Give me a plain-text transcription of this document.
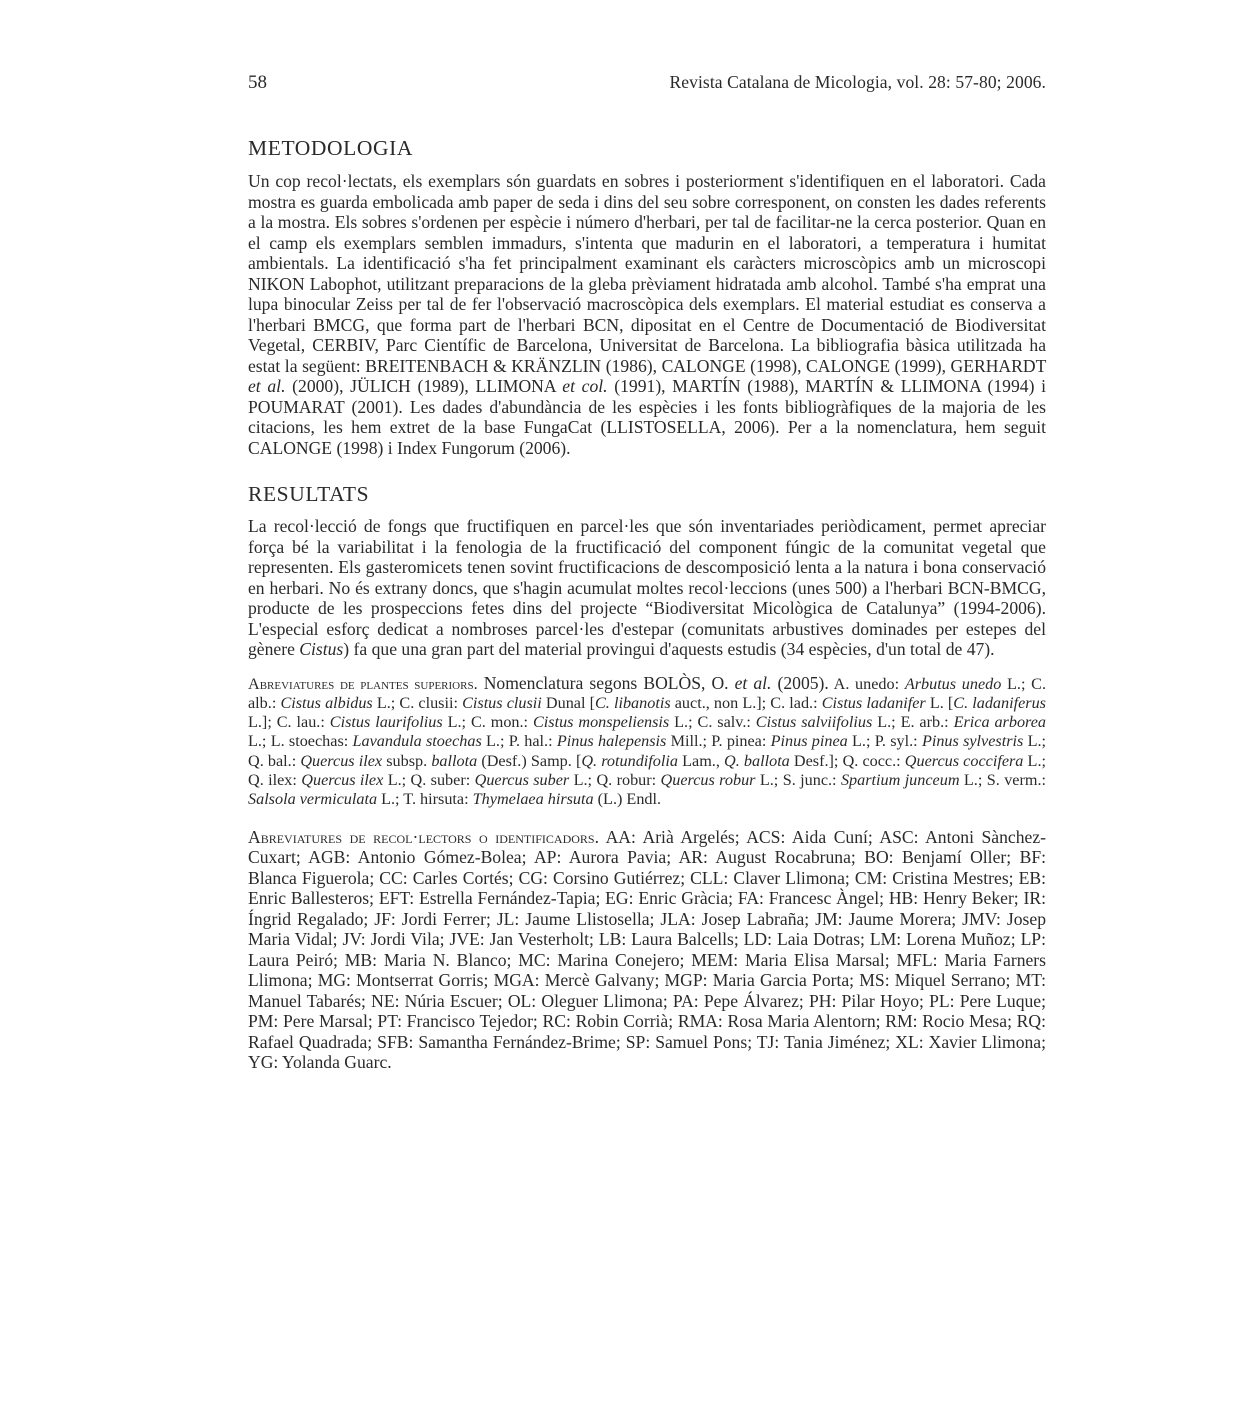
58	Revista Catalana de Micologia, vol. 28: 57-80; 2006.
METODOLOGIA

Un cop recol·lectats, els exemplars són guardats en sobres i posteriorment s'identifiquen en el laboratori. Cada mostra es guarda embolicada amb paper de seda i dins del seu sobre corresponent, on consten les dades referents a la mostra. Els sobres s'ordenen per espècie i número d'herbari, per tal de facilitar-ne la cerca posterior. Quan en el camp els exemplars semblen immadurs, s'intenta que madurin en el laboratori, a temperatura i humitat ambientals. La identificació s'ha fet principalment examinant els caràcters microscòpics amb un microscopi NIKON Labophot, utilitzant preparacions de la gleba prèviament hidratada amb alcohol. També s'ha emprat una lupa binocular Zeiss per tal de fer l'observació macroscòpica dels exemplars. El material estudiat es conserva a l'herbari BMCG, que forma part de l'herbari BCN, dipositat en el Centre de Documentació de Biodiversitat Vegetal, CERBIV, Parc Científic de Barcelona, Universitat de Barcelona. La bibliografia bàsica utilitzada ha estat la següent: BREITENBACH & KRÄNZLIN (1986), CALONGE (1998), CALONGE (1999), GERHARDT et al. (2000), JÜLICH (1989), LLIMONA et col. (1991), MARTÍN (1988), MARTÍN & LLIMONA (1994) i POUMARAT (2001). Les dades d'abundància de les espècies i les fonts bibliogràfiques de la majoria de les citacions, les hem extret de la base FungaCat (LLISTOSELLA, 2006). Per a la nomenclatura, hem seguit CALONGE (1998) i Index Fungorum (2006).

RESULTATS

La recol·lecció de fongs que fructifiquen en parcel·les que són inventariades periòdicament, permet apreciar força bé la variabilitat i la fenologia de la fructificació del component fúngic de la comunitat vegetal que representen. Els gasteromicets tenen sovint fructificacions de descomposició lenta a la natura i bona conservació en herbari. No és extrany doncs, que s'hagin acumulat moltes recol·leccions (unes 500) a l'herbari BCN-BMCG, producte de les prospeccions fetes dins del projecte “Biodiversitat Micològica de Catalunya” (1994-2006). L'especial esforç dedicat a nombroses parcel·les d'estepar (comunitats arbustives dominades per estepes del gènere Cistus) fa que una gran part del material provingui d'aquests estudis (34 espècies, d'un total de 47).

Abreviatures de plantes superiors. Nomenclatura segons BOLÒS, O. et al. (2005). A. unedo: Arbutus unedo L.; C. alb.: Cistus albidus L.; C. clusii: Cistus clusii Dunal [C. libanotis auct., non L.]; C. lad.: Cistus ladanifer L. [C. ladaniferus L.]; C. lau.: Cistus laurifolius L.; C. mon.: Cistus monspeliensis L.; C. salv.: Cistus salviifolius L.; E. arb.: Erica arborea L.; L. stoechas: Lavandula stoechas L.; P. hal.: Pinus halepensis Mill.; P. pinea: Pinus pinea L.; P. syl.: Pinus sylvestris L.; Q. bal.: Quercus ilex subsp. ballota (Desf.) Samp. [Q. rotundifolia Lam., Q. ballota Desf.]; Q. cocc.: Quercus coccifera L.; Q. ilex: Quercus ilex L.; Q. suber: Quercus suber L.; Q. robur: Quercus robur L.; S. junc.: Spartium junceum L.; S. verm.: Salsola vermiculata L.; T. hirsuta: Thymelaea hirsuta (L.) Endl.

Abreviatures de recol·lectors o identificadors. AA: Arià Argelés; ACS: Aida Cuní; ASC: Antoni Sànchez-Cuxart; AGB: Antonio Gómez-Bolea; AP: Aurora Pavia; AR: August Rocabruna; BO: Benjamí Oller; BF: Blanca Figuerola; CC: Carles Cortés; CG: Corsino Gutiérrez; CLL: Claver Llimona; CM: Cristina Mestres; EB: Enric Ballesteros; EFT: Estrella Fernández-Tapia; EG: Enric Gràcia; FA: Francesc Àngel; HB: Henry Beker; IR: Íngrid Regalado; JF: Jordi Ferrer; JL: Jaume Llistosella; JLA: Josep Labraña; JM: Jaume Morera; JMV: Josep Maria Vidal; JV: Jordi Vila; JVE: Jan Vesterholt; LB: Laura Balcells; LD: Laia Dotras; LM: Lorena Muñoz; LP: Laura Peiró; MB: Maria N. Blanco; MC: Marina Conejero; MEM: Maria Elisa Marsal; MFL: Maria Farners Llimona; MG: Montserrat Gorris; MGA: Mercè Galvany; MGP: Maria Garcia Porta; MS: Miquel Serrano; MT: Manuel Tabarés; NE: Núria Escuer; OL: Oleguer Llimona; PA: Pepe Álvarez; PH: Pilar Hoyo; PL: Pere Luque; PM: Pere Marsal; PT: Francisco Tejedor; RC: Robin Corrià; RMA: Rosa Maria Alentorn; RM: Rocio Mesa; RQ: Rafael Quadrada; SFB: Samantha Fernández-Brime; SP: Samuel Pons; TJ: Tania Jiménez; XL: Xavier Llimona; YG: Yolanda Guarc.
